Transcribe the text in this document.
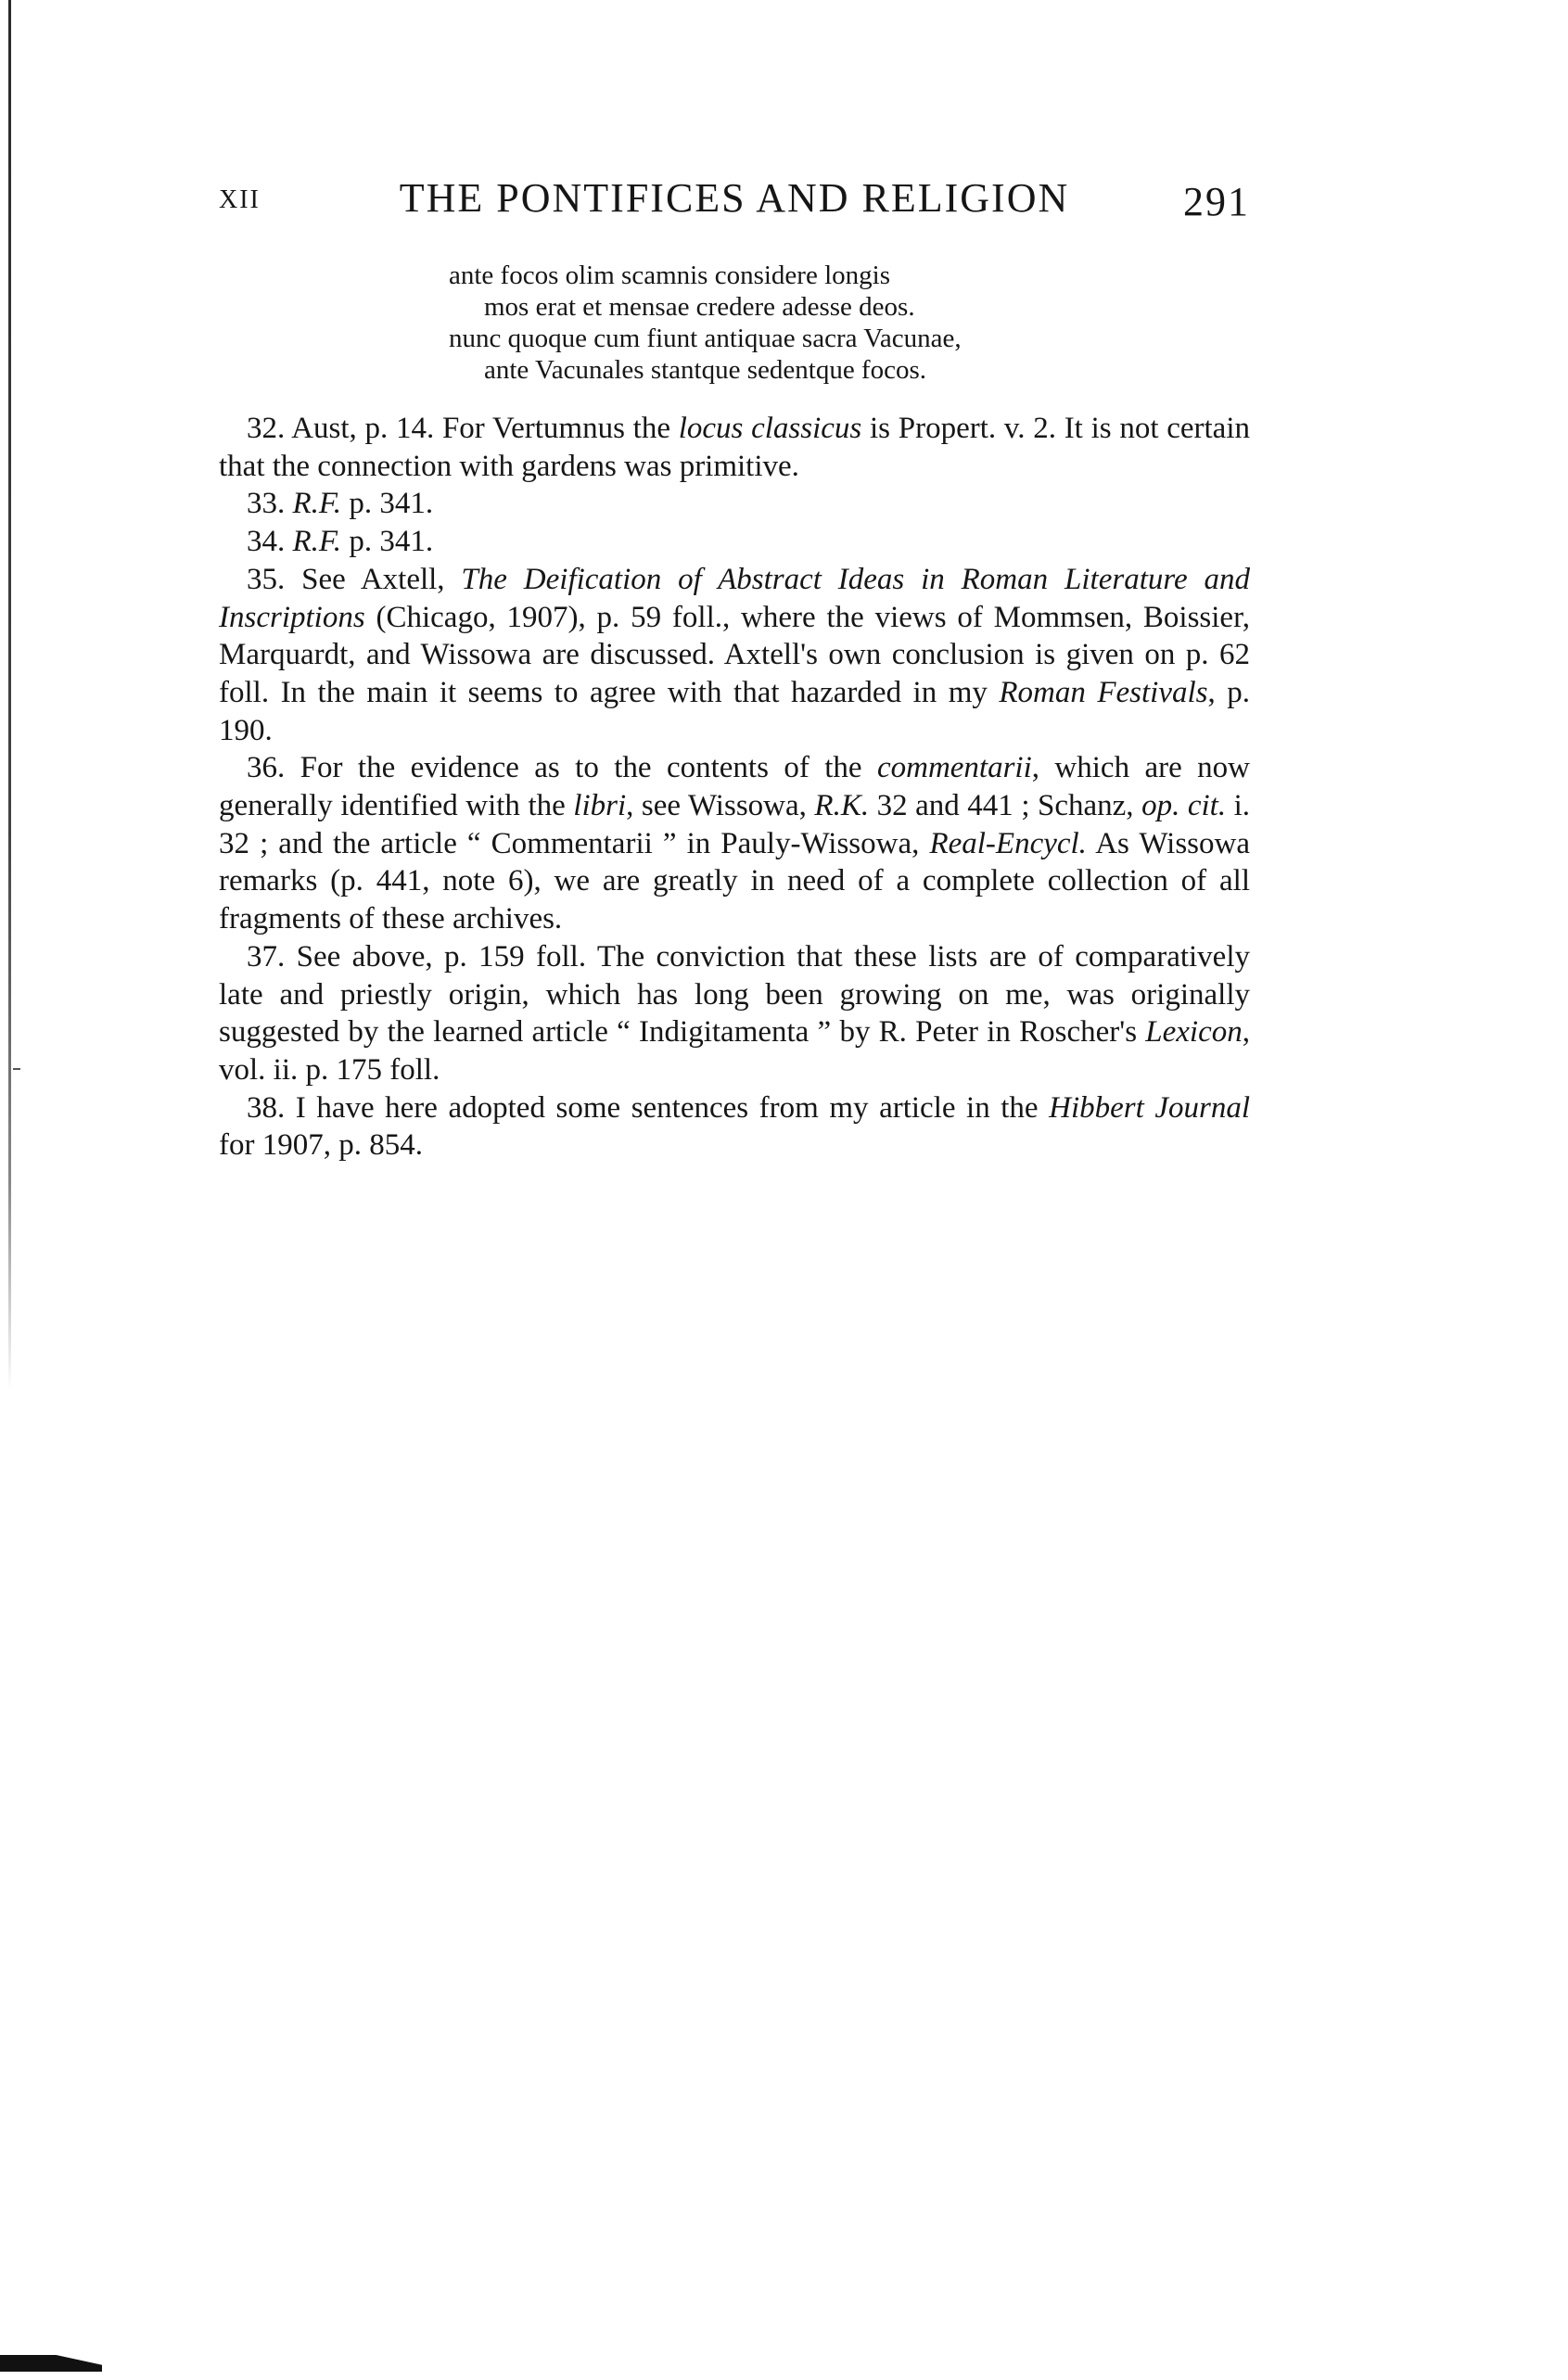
XII	THE PONTIFICES AND RELIGION	291
ante focos olim scamnis considere longis
mos erat et mensae credere adesse deos.
nunc quoque cum fiunt antiquae sacra Vacunae,
ante Vacunales stantque sedentque focos.

32. Aust, p. 14. For Vertumnus the locus classicus is Propert. v. 2. It is not certain that the connection with gardens was primitive.

33. R.F. p. 341.

34. R.F. p. 341.

35. See Axtell, The Deification of Abstract Ideas in Roman Literature and Inscriptions (Chicago, 1907), p. 59 foll., where the views of Mommsen, Boissier, Marquardt, and Wissowa are discussed. Axtell's own conclusion is given on p. 62 foll. In the main it seems to agree with that hazarded in my Roman Festivals, p. 190.

36. For the evidence as to the contents of the commentarii, which are now generally identified with the libri, see Wissowa, R.K. 32 and 441 ; Schanz, op. cit. i. 32 ; and the article “ Commentarii ” in Pauly-Wissowa, Real-Encycl. As Wissowa remarks (p. 441, note 6), we are greatly in need of a complete collection of all fragments of these archives.

37. See above, p. 159 foll. The conviction that these lists are of comparatively late and priestly origin, which has long been growing on me, was originally suggested by the learned article “ Indigitamenta ” by R. Peter in Roscher's Lexicon, vol. ii. p. 175 foll.

38. I have here adopted some sentences from my article in the Hibbert Journal for 1907, p. 854.
